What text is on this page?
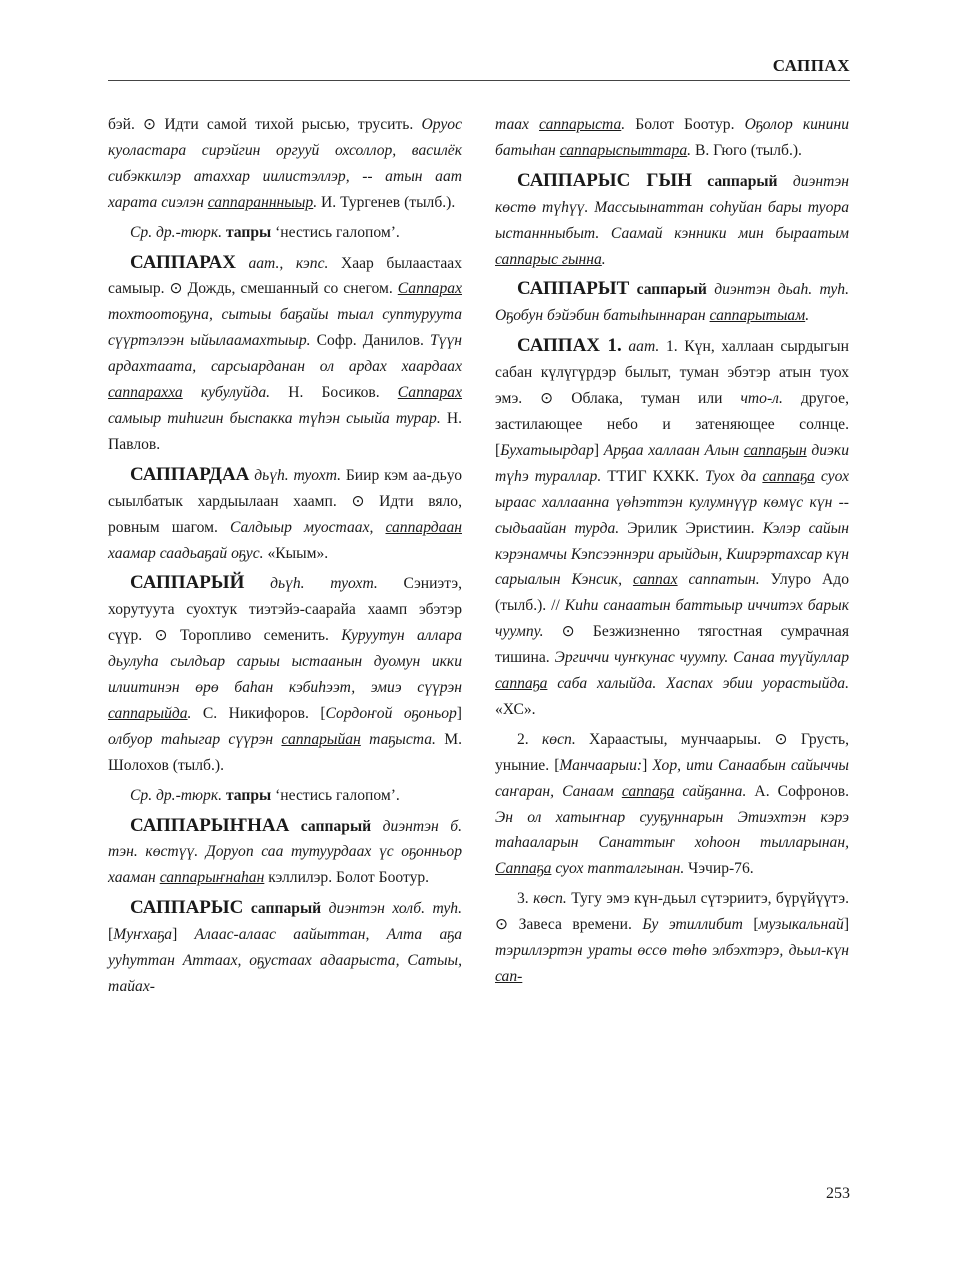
САППАХ

бэй. ⊙ Идти самой тихой рысью, трусить. Оруос куоластара сирэйгин оргууй охсоллор, василёк сибэккилэр атаххар иилистэллэр, -- атын аат харата сиэлэн саппараннныыр. И. Тургенев (тылб.).

Ср. др.-тюрк. тапры ‘нестись галопом’.

САППАРАХ аат., кэпс. Хаар былаастаах самыыр. ⊙ Дождь, смешанный со снегом. Саппарах тохтоотоҕуна, сытыы баҕайы тыал суптуруута сүүртэлээн ыйылаамахтыыр. Софр. Данилов. Түүн ардахтаата, сарсыарданан ол ардах хаардаах саппарахха кубулуйда. Н. Босиков. Саппарах самыыр тиһигин быспакка түһэн сыыйа турар. Н. Павлов.

САППАРДАА дьүh. туохт. Биир кэм аа-дьуо сыылбатык хардыылаан хаамп. ⊙ Идти вяло, ровным шагом. Салдыыр муостаах, саппардаан хаамар саадьаҕай оҕус. «Кыым».

САППАРЫЙ дьүh. туохт. Сэниэтэ, хорутуута суохтук тиэтэйэ-саарайа хаамп эбэтэр сүүр. ⊙ Торопливо семенить. Куруутун аллара дьулуһа сылдьар сарыы ыстаанын дуомун икки илиитинэн өрө баһан кэбиһээт, эмиэ сүүрэн саппарыйда. С. Никифоров. [Сордоҥой оҕоньор] олбуор таһыгар сүүрэн саппарыйан таҕыста. М. Шолохов (тылб.).

Ср. др.-тюрк. тапры ‘нестись галопом’.

САППАРЫҤНАА саппарый диэнтэн б. тэн. көстүү. Доруоп саа тутуурдаах үс оҕонньор хааман саппарыҥнаһан кэллилэр. Болот Боотур.

САППАРЫС саппарый диэнтэн холб. туһ. [Муҥхаҕа] Алаас-алаас аайыттан, Алта аҕа ууһуттан Аттаах, оҕустаах адаарыста, Сатыы, тайах-

таах саппарыста. Болот Боотур. Оҕолор кинини батыһан саппарыспыттара. В. Гюго (тылб.).

САППАРЫС ГЫН саппарый диэнтэн көстө түһүү. Массыынаттан соһуйан бары туора ыстаннныбыт. Саамай кэнники мин быраатым саппарыс гынна.

САППАРЫТ саппарый диэнтэн дьаһ. туһ. Оҕобун бэйэбин батыһыннаран саппарытыам.

САППАХ 1. аат. 1. Күн, халлаан сырдыгын сабан күлүгүрдэр былыт, туман эбэтэр атын туох эмэ. ⊙ Облака, туман или что-л. другое, застилающее небо и затеняющее солнце. [Бухатыырдар] Арҕаа халлаан Алын саппаҕын диэки түһэ тураллар. ТТИГ КХКК. Туох да саппаҕа суох ыраас халлаанна үөһэттэн кулумнүүр көмүс күн -- сыдьаайан турда. Эрилик Эристиин. Кэлэр сайын кэрэнамчы Кэпсээннэри арыйдын, Киирэртахсар күн сарыалын Кэнсик, саппах саппатын. Улуро Адо (тылб.). // Киһи санаатын баттыыр иччитэх барык чуумпу. ⊙ Безжизненно тягостная сумрачная тишина. Эргиччи чуҥкунас чуумпу. Санаа туүйуллар саппаҕа саба халыйда. Хаспах эбии уорастыйда. «ХС».

2. көсп. Хараастыы, мунчаарыы. ⊙ Грусть, уныние. [Манчаарыи:] Хор, ити Санаабын сайыччы саҥаран, Санаам саппаҕа сайҕанна. А. Софронов. Эн ол хатыҥнар сууҕуннарын Этиэхтэн кэрэ таһааларын Санаттыҥ хоһоон тылларынан, Саппаҕа суох тапталгынан. Чэчир-76.

3. көсп. Тугу эмэ күн-дьыл сүтэриитэ, бүрүйүүтэ. ⊙ Завеса времени. Бу этиллибит [музыкальнай] тэриллэртэн ураты өссө төһө элбэхтэрэ, дьыл-күн сап-

253
